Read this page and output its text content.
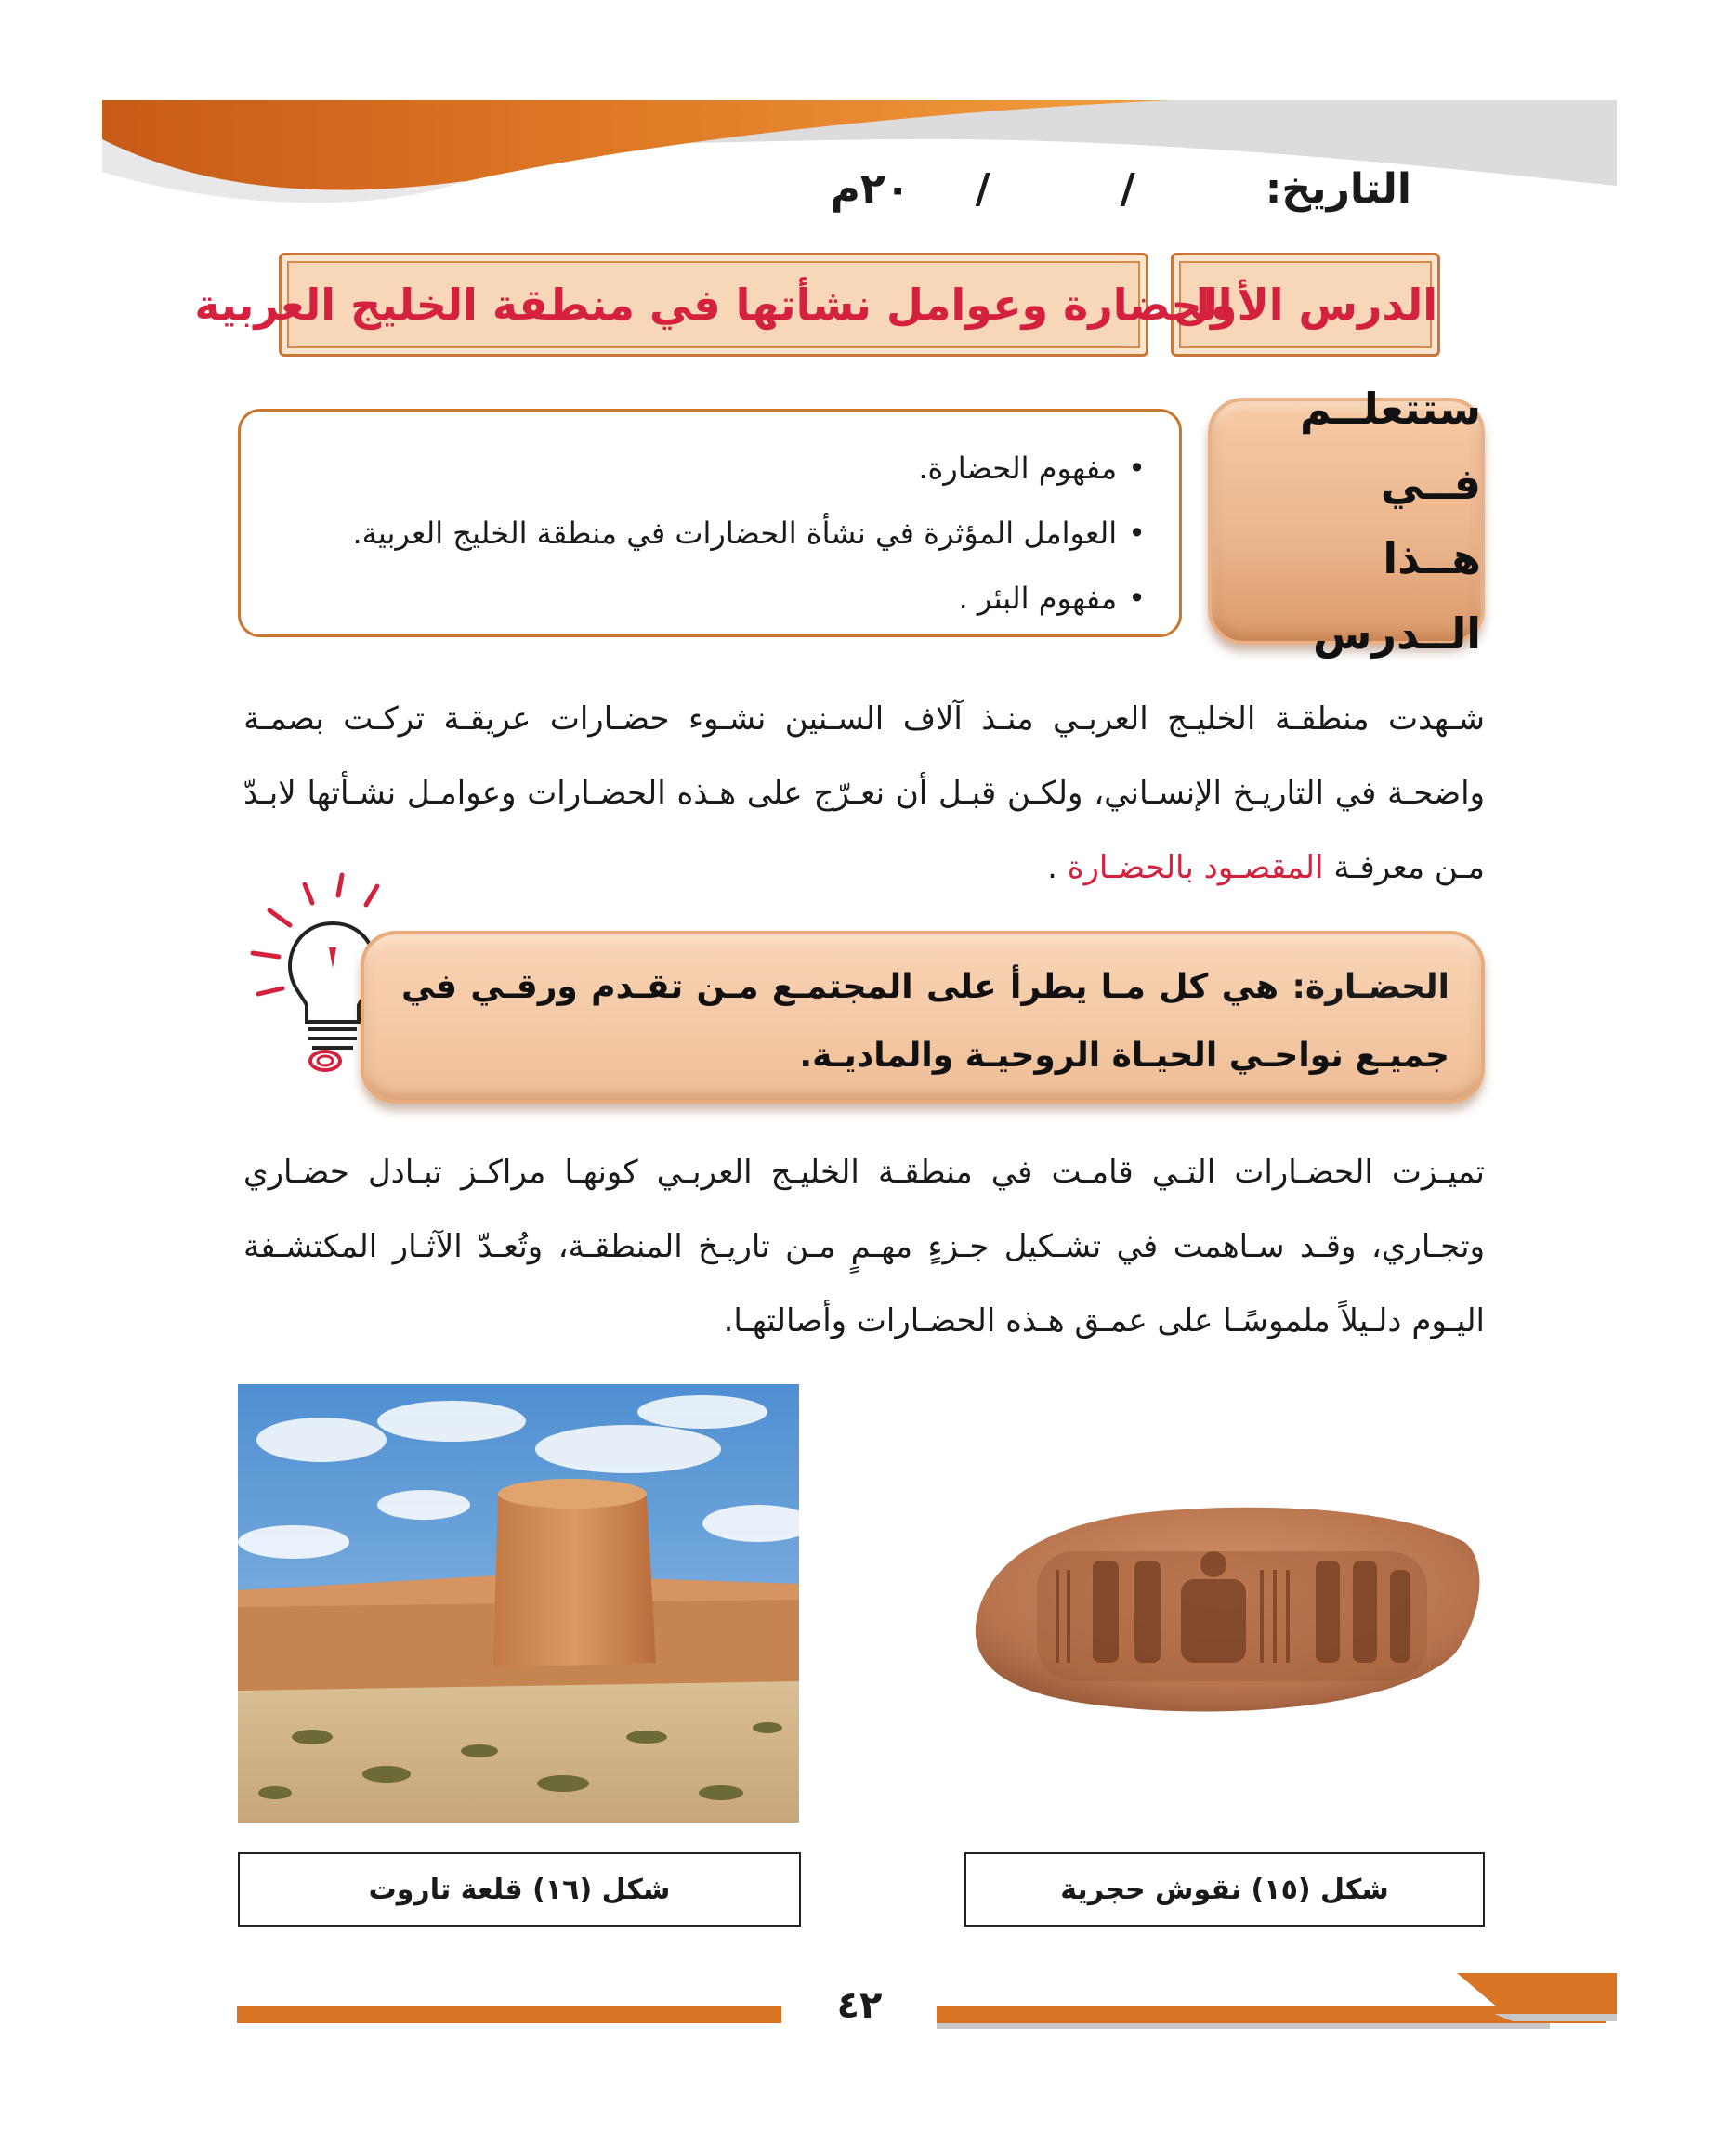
التاريخ://٢٠م
الدرس الأول
الحضارة وعوامل نشأتها في منطقة الخليج العربية
ستتعلــم فــي
هــذا الــدرس
• مفهوم الحضارة.
• العوامل المؤثرة في نشأة الحضارات في منطقة الخليج العربية.
• مفهوم البئر .
شـهدت منطقـة الخليـج العربـي منـذ آلاف السـنين نشـوء حضـارات عريقـة تركـت بصمـة واضحـة في التاريـخ الإنسـاني، ولكـن قبـل أن نعـرّج على هـذه الحضـارات وعوامـل نشـأتها لابـدّ مـن معرفـة المقصـود بالحضـارة .
الحضـارة: هي كل مـا يطرأ على المجتمـع مـن تقـدم ورقـي في جميـع نواحـي الحيـاة الروحيـة والماديـة.
تميـزت الحضـارات التـي قامـت في منطقـة الخليـج العربـي كونهـا مراكـز تبـادل حضـاري وتجـاري، وقـد سـاهمت في تشـكيل جـزءٍ مهـمٍ مـن تاريـخ المنطقـة، وتُعـدّ الآثـار المكتشـفة اليـوم دلـيلاً ملموسًـا على عمـق هـذه الحضـارات وأصالتهـا.
شكل (١٦) قلعة تاروت	شكل (١٥) نقوش حجرية
٤٢
